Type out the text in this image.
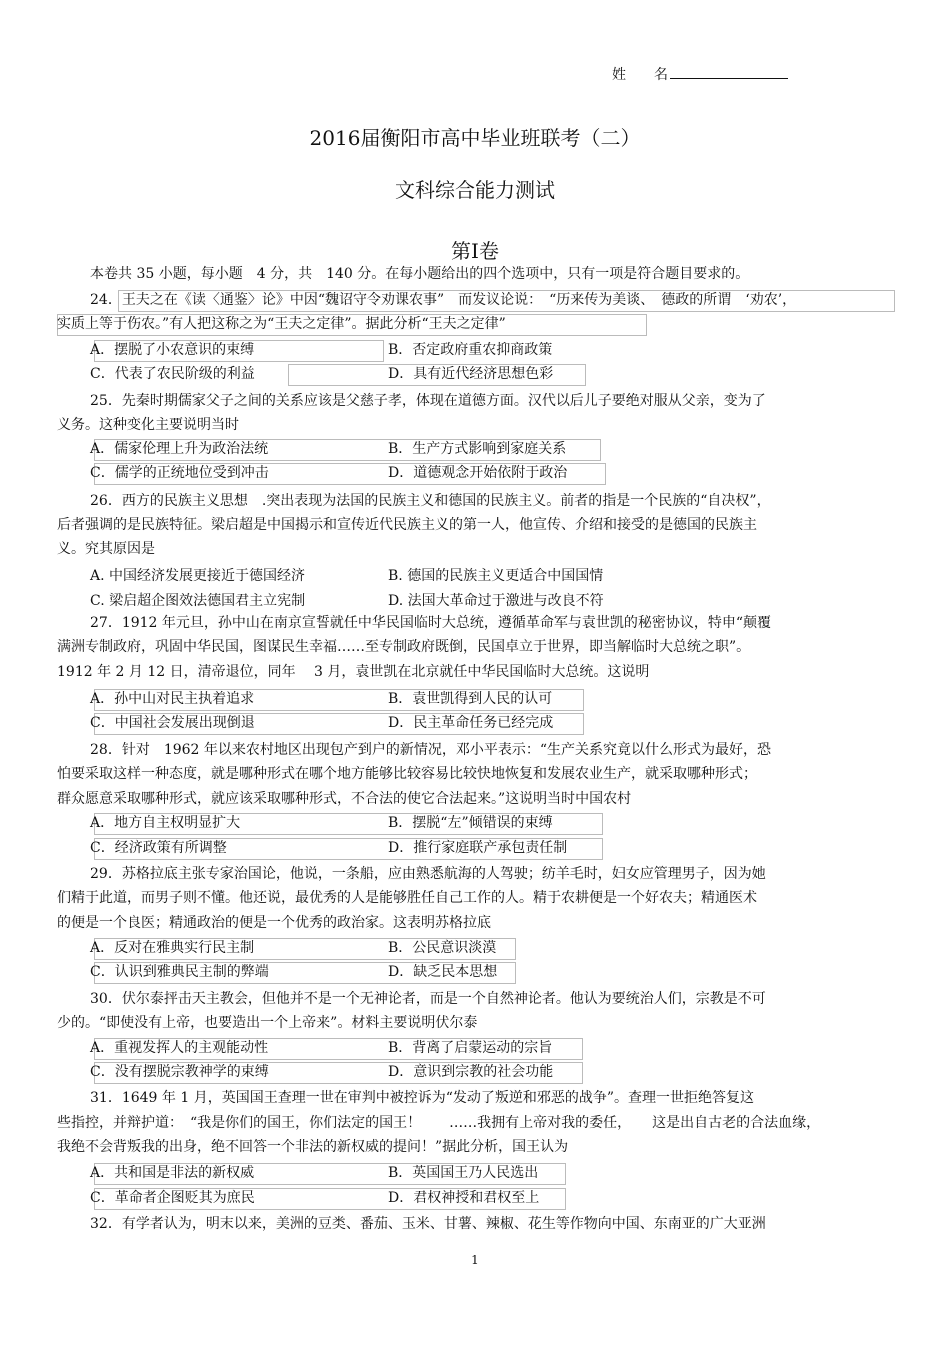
姓　　名
2016届衡阳市高中毕业班联考（二）
文科综合能力测试
第Ⅰ卷
本卷共 35 小题，每小题　4 分，共　140 分。在每小题给出的四个选项中，只有一项是符合题目要求的。
24．王夫之在《读〈通鉴〉论》中因“魏诏守令劝课农事”　而发议论说：　“历来传为美谈、　德政的所谓　‘劝农’，
实质上等于伤农。”有人把这称之为“王夫之定律”。据此分析“王夫之定律”
A．摆脱了小农意识的束缚	B．否定政府重农抑商政策
C．代表了农民阶级的利益	D．具有近代经济思想色彩
25．先秦时期儒家父子之间的关系应该是父慈子孝，体现在道德方面。汉代以后儿子要绝对服从父亲，变为了
义务。这种变化主要说明当时
A．儒家伦理上升为政治法统	B．生产方式影响到家庭关系
C．儒学的正统地位受到冲击	D．道德观念开始依附于政治
26．西方的民族主义思想　.突出表现为法国的民族主义和德国的民族主义。前者的指是一个民族的“自决权”，
后者强调的是民族特征。梁启超是中国揭示和宣传近代民族主义的第一人，他宣传、介绍和接受的是德国的民族主
义。究其原因是
A. 中国经济发展更接近于德国经济	B. 德国的民族主义更适合中国国情
C. 梁启超企图效法德国君主立宪制	D. 法国大革命过于激进与改良不符
27．1912 年元旦，孙中山在南京宣誓就任中华民国临时大总统，遵循革命军与袁世凯的秘密协议，特申“颠覆
满洲专制政府，巩固中华民国，图谋民生幸福……至专制政府既倒，民国卓立于世界，即当解临时大总统之职”。
1912 年 2 月 12 日，清帝退位，同年　 3 月，袁世凯在北京就任中华民国临时大总统。这说明
A．孙中山对民主执着追求	B．袁世凯得到人民的认可
C．中国社会发展出现倒退	D．民主革命任务已经完成
28．针对　1962 年以来农村地区出现包产到户的新情况，邓小平表示：“生产关系究竟以什么形式为最好，恐
怕要采取这样一种态度，就是哪种形式在哪个地方能够比较容易比较快地恢复和发展农业生产，就采取哪种形式；
群众愿意采取哪种形式，就应该采取哪种形式，不合法的使它合法起来。”这说明当时中国农村
A．地方自主权明显扩大	B．摆脱“左”倾错误的束缚
C．经济政策有所调整	D．推行家庭联产承包责任制
29．苏格拉底主张专家治国论，他说，一条船，应由熟悉航海的人驾驶；纺羊毛时，妇女应管理男子，因为她
们精于此道，而男子则不懂。他还说，最优秀的人是能够胜任自己工作的人。精于农耕便是一个好农夫；精通医术
的便是一个良医；精通政治的便是一个优秀的政治家。这表明苏格拉底
A．反对在雅典实行民主制	B．公民意识淡漠
C．认识到雅典民主制的弊端	D．缺乏民本思想
30．伏尔泰抨击天主教会，但他并不是一个无神论者，而是一个自然神论者。他认为要统治人们，宗教是不可
少的。“即使没有上帝，也要造出一个上帝来”。材料主要说明伏尔泰
A．重视发挥人的主观能动性	B．背离了启蒙运动的宗旨
C．没有摆脱宗教神学的束缚	D．意识到宗教的社会功能
31．1649 年 1 月，英国国王查理一世在审判中被控诉为“发动了叛逆和邪恶的战争”。查理一世拒绝答复这
些指控，并辩护道：　“我是你们的国王，你们法定的国王！　　……我拥有上帝对我的委任，　　这是出自古老的合法血缘，
我绝不会背叛我的出身，绝不回答一个非法的新权威的提问！”据此分析，国王认为
A．共和国是非法的新权威	B．英国国王乃人民选出
C．革命者企图贬其为庶民	D．君权神授和君权至上
32．有学者认为，明末以来，美洲的豆类、番茄、玉米、甘薯、辣椒、花生等作物向中国、东南亚的广大亚洲
1
